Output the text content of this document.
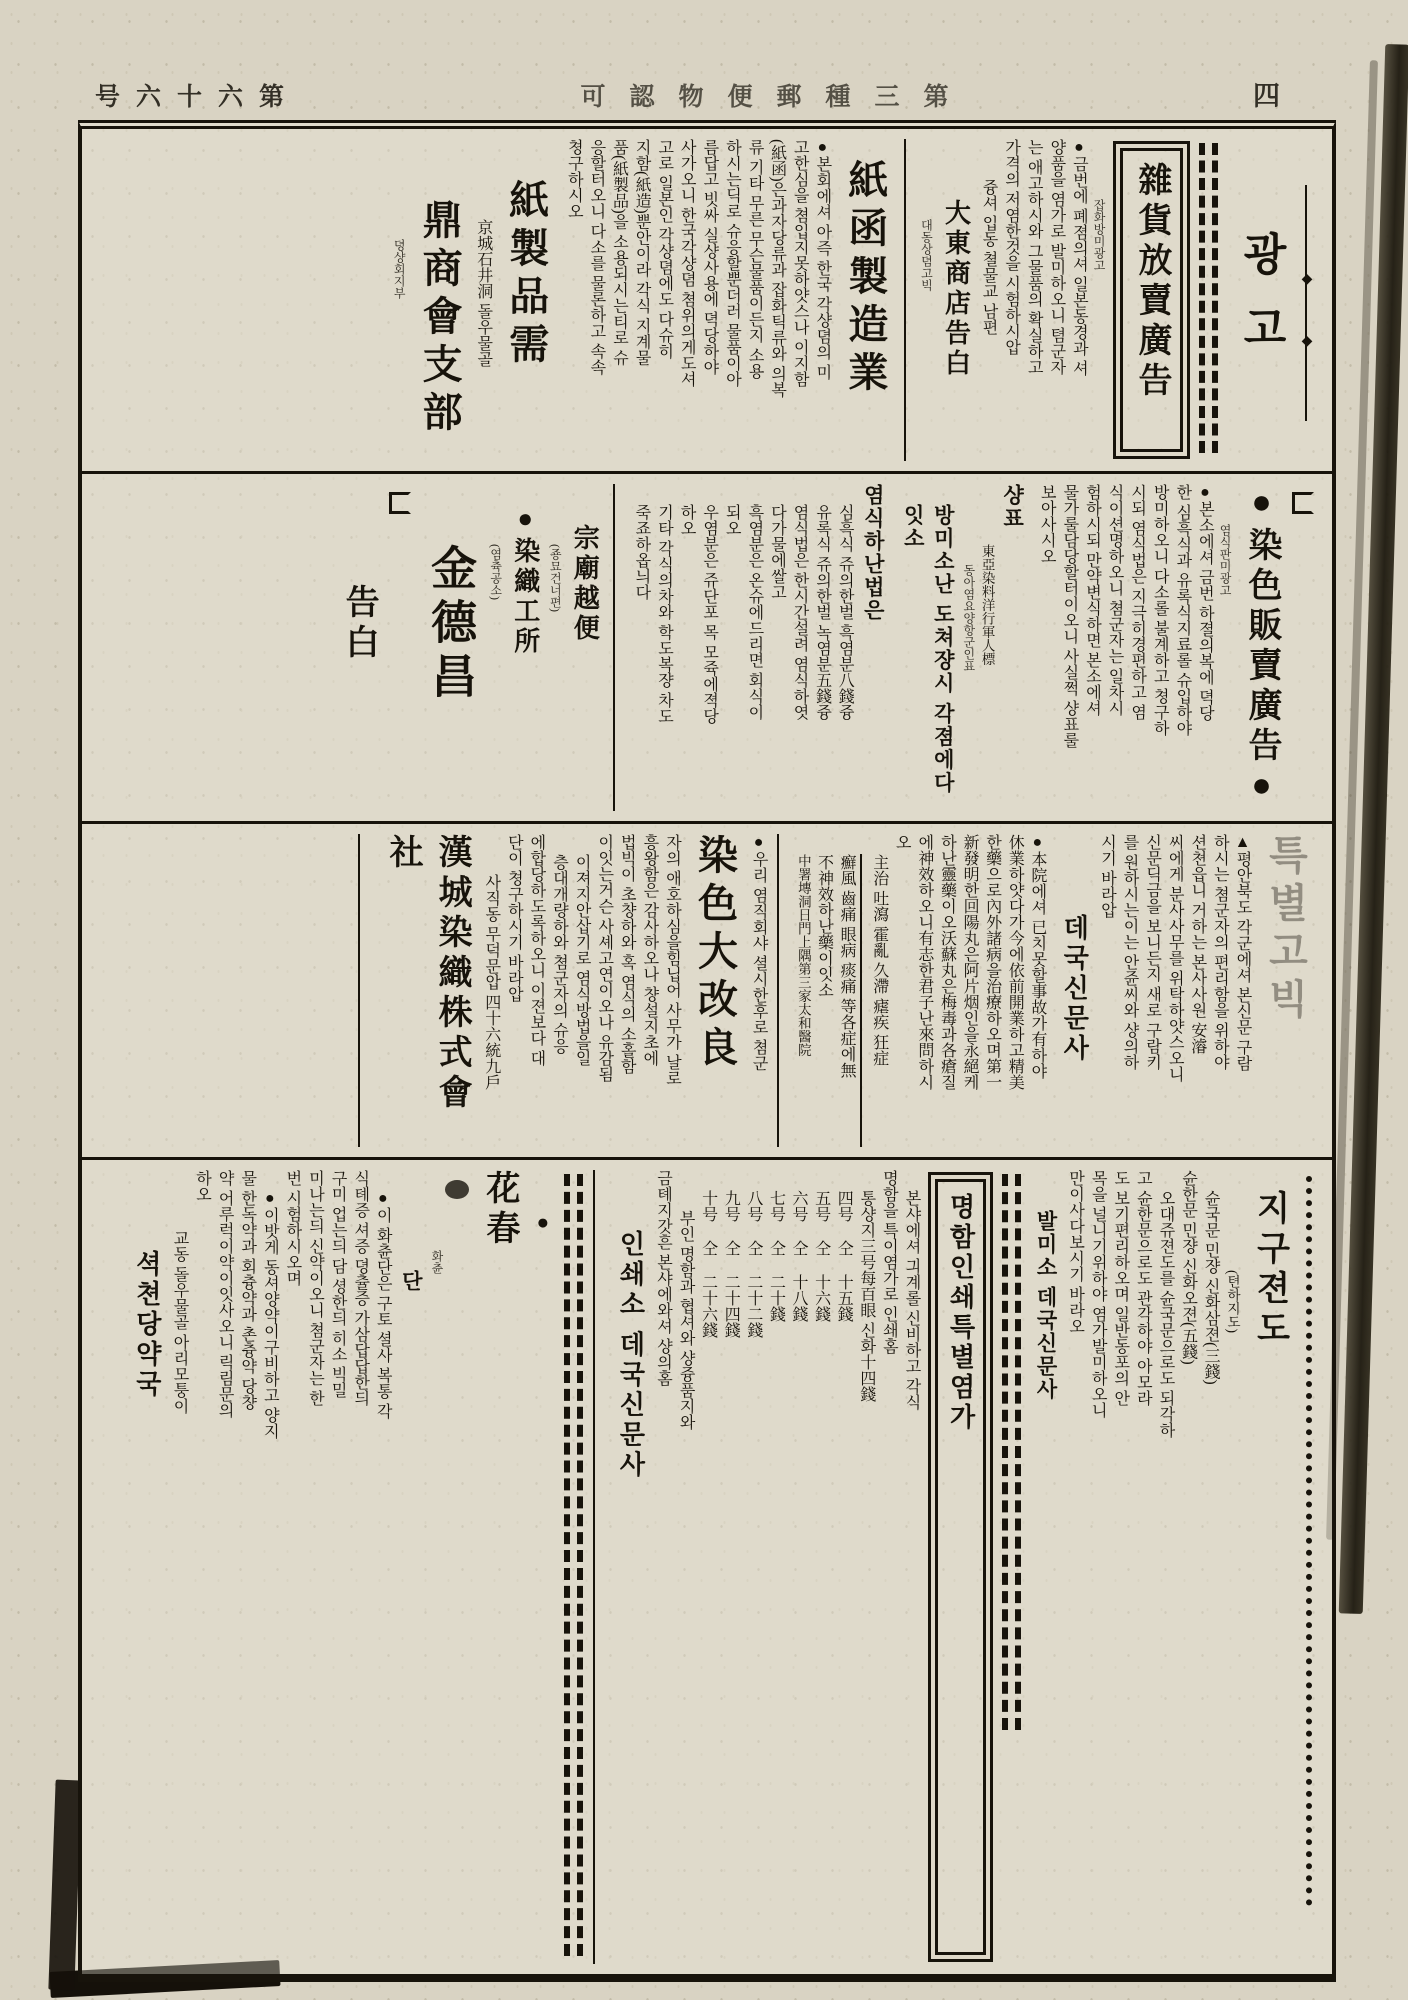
号六十六第	可認物便郵種三第	四
◆
◆

광고

雜貨放賣廣告

잡화방미광고

●금번에 폐졈의셔 일본동경과 셔

양품을 염가로 발미하오니 텸군자

는 애고하시와 그물품의 확실하고

가격의 저염한것을 시험하시압

즁셔 입동 쳘물교 남편

大東商店告白

대동상뎜고빅

紙函製造業

●본회에셔 아즉 한국 각샹뎜의 미

고한심을 쳠입지못하얏스나 이지함

(紙函)은과자당류과 잡화틱류와 의복

류 기타 무른 무슨물품이든지 소용

하시는딕로 슈응할뿐더러 물품이아

름답고 빗싸 실샹사용에 뎍당하야

사가오니 한국각샹뎜 쳠위의게도셔

고로 일본인 각샹뎜에도 다슈히

지함(紙造)뿐안이라 각식 지계물

품(紙製品)을 소용되시는티로 슈

응할터오니 다소를 물론하고 속속

쳥구하시오

紙製品需

京城石井洞 돌우물골

鼎商會支部

뎡샹회지부

●染色販賣廣告●

염식판미광고

●본소에셔 금번 하졀의복에 뎍당

한 심흑식과 유록식지료롤 슈입하야

방미하오니 다소롤 불계하고 쳥구하

시되 염식법은 지극히경편하고 염

식이션명하오니 쳠군자는 일차시

험하시되 만약변식하면 본소에셔

물가룰담당할터이오니 사실쩍 샹표룰

보아사시오

샹표

東亞染料洋行軍人標

동아염요양항군인표

방미소난 도쳐쟝시 각졈에다잇소

염식하난법은

심흑식 쥬의한벌 흑염분八錢즁

유록식 쥬의한벌 녹염분五錢즁

염식법은 한시간설려 염식하엿

다가물에쌀고

흑염분은 온슈에드리면 회식이

되오

우염분은 쥬단포 목 모쥭에젹당

하오

기타 각식의차와 학도복쟝 차도

죽죠하옵늬다

宗廟越便

(죵묘건너편)

●染織工所

(염츅공소)

金德昌

告白

특별고빅

▲평안북도 각군에셔 본신문 구람

하시는 쳠군자의 편리함을 위하야

션쳔읍니 거하는 본사사원 安濬

씨에게 분사사무를 위탁하얏스오니

신문딕금을 보니든지 새로 구람키

를 원하시는이는 안쥰씨와 샹의하

시기 바라압

데국신문사

●本院에셔 已치못할事故가有하야

休業하얏다가今에依前開業하고精美

한藥으로內外諸病을治療하오며第一

新發明한回陽丸은阿片烟인을永絕케

하난靈藥이오沃蘇丸은梅毒과各瘡질

에神效하오니有志한君子난來問하시

오

主治 吐瀉 霍亂 久滯 瘧疾 狂症

癬風 齒痛 眼病 痰痛 等各症에無

不神效하난藥이잇소

中署塼洞日門上隅第三家太和醫院

●우리 염직회샤 셜시한후로 쳠군

染色大改良

자의 애호하심을힘닙어 사무가 날로

흥왕함은 감사하오나 챵설지초에

법빅이 초챵하와 혹 염식의 소홀함

이잇는거슨 사셰고연이오나 유감됨

이져지안삽기로 염식방법을일

층대개량하와 쳠군자의 슈응

에합당하도록하오니 이젼보다 대

단이 쳥구하시기 바라압

사직동 무덕문압 四十六統九戶

漢城染織株式會社

지구젼도

(텬하지도)

슌국문 민쟝 신화삼젼(三錢)

슌한문 민쟝 신화오젼(五錢)

오대쥬젼도를 슌국문으로도 되각하

고 슌한문으로도 관각하야 아모라

도 보기편리하오며 일반동포의 안

목을 널니기위하야 염가발미하오니

만이사다보시기 바라오

발미소 데국신문사

명함인쇄특별염가

본샤에셔 긔계롤 신비하고 각식

명함을 특이염가로 인쇄홈

통샹지三号每百眼 신화十四錢

四号仝十五錢

五号仝十六錢

六号仝十八錢

七号仝二十錢

八号仝二十二錢

九号仝二十四錢

十号仝二十六錢

부인 명함과 협셔와 샹즁품지와

금톄지갓흔 본샤에와셔 샹의홈

인쇄소 데국신문사

●

花春

화츈

단

●이 화츈단은 구토 셜사 복통 각

식톄증 셔증 뎡츌증 가삼답답한듸

구미 업는듸 담 셩한듸 히소 빅밀

미나는듸 신약이오니 쳠군자는 한

번 시험하시오며

●이밧게 동셔양약이구비하고 양지

물 한독약과 회츙약과 촌츙약 당챵

약 어루럭이약이잇사오니 릭림문의

하오

교동 돌우물골 아리모퉁이

셕쳔당약국
